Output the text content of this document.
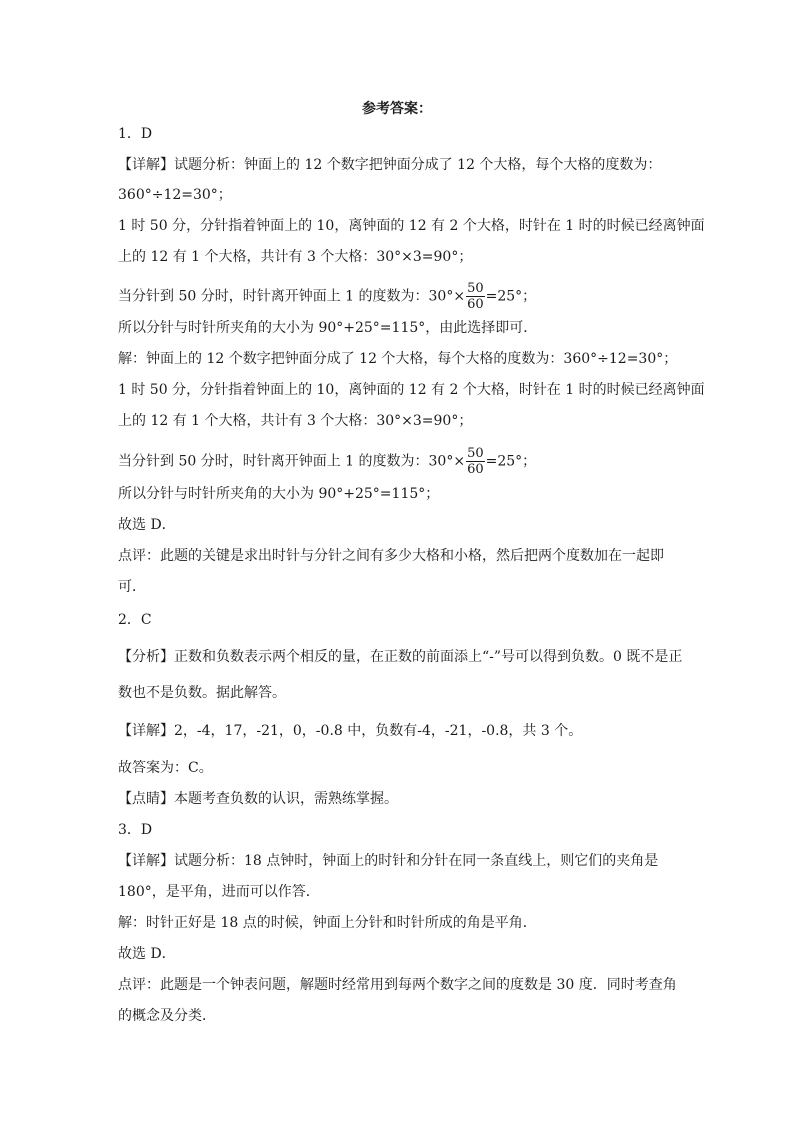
参考答案：
1．D
【详解】试题分析：钟面上的 12 个数字把钟面分成了 12 个大格，每个大格的度数为：
360°÷12=30°；
1 时 50 分，分针指着钟面上的 10，离钟面的 12 有 2 个大格，时针在 1 时的时候已经离钟面
上的 12 有 1 个大格，共计有 3 个大格：30°×3=90°；
当分针到 50 分时，时针离开钟面上 1 的度数为：$30^\circ\times \frac{50}{60} =25^\circ$；
所以分针与时针所夹角的大小为 90°+25°=115°，由此选择即可．
解：钟面上的 12 个数字把钟面分成了 12 个大格，每个大格的度数为：360°÷12=30°；
1 时 50 分，分针指着钟面上的 10，离钟面的 12 有 2 个大格，时针在 1 时的时候已经离钟面
上的 12 有 1 个大格，共计有 3 个大格：30°×3=90°；
当分针到 50 分时，时针离开钟面上 1 的度数为：$30^\circ\times \frac{50}{60} =25^\circ$；
所以分针与时针所夹角的大小为 90°+25°=115°；
故选 D．
点评：此题的关键是求出时针与分针之间有多少大格和小格，然后把两个度数加在一起即
可．
2．C
【分析】正数和负数表示两个相反的量，在正数的前面添上“-”号可以得到负数。0 既不是正
数也不是负数。据此解答。
【详解】2，-4，17，-21，0，-0.8 中，负数有-4，-21，-0.8，共 3 个。
故答案为：C。
【点睛】本题考查负数的认识，需熟练掌握。
3．D
【详解】试题分析：18 点钟时，钟面上的时针和分针在同一条直线上，则它们的夹角是
180°，是平角，进而可以作答．
解：时针正好是 18 点的时候，钟面上分针和时针所成的角是平角．
故选 D．
点评：此题是一个钟表问题，解题时经常用到每两个数字之间的度数是 30 度．同时考查角
的概念及分类．
